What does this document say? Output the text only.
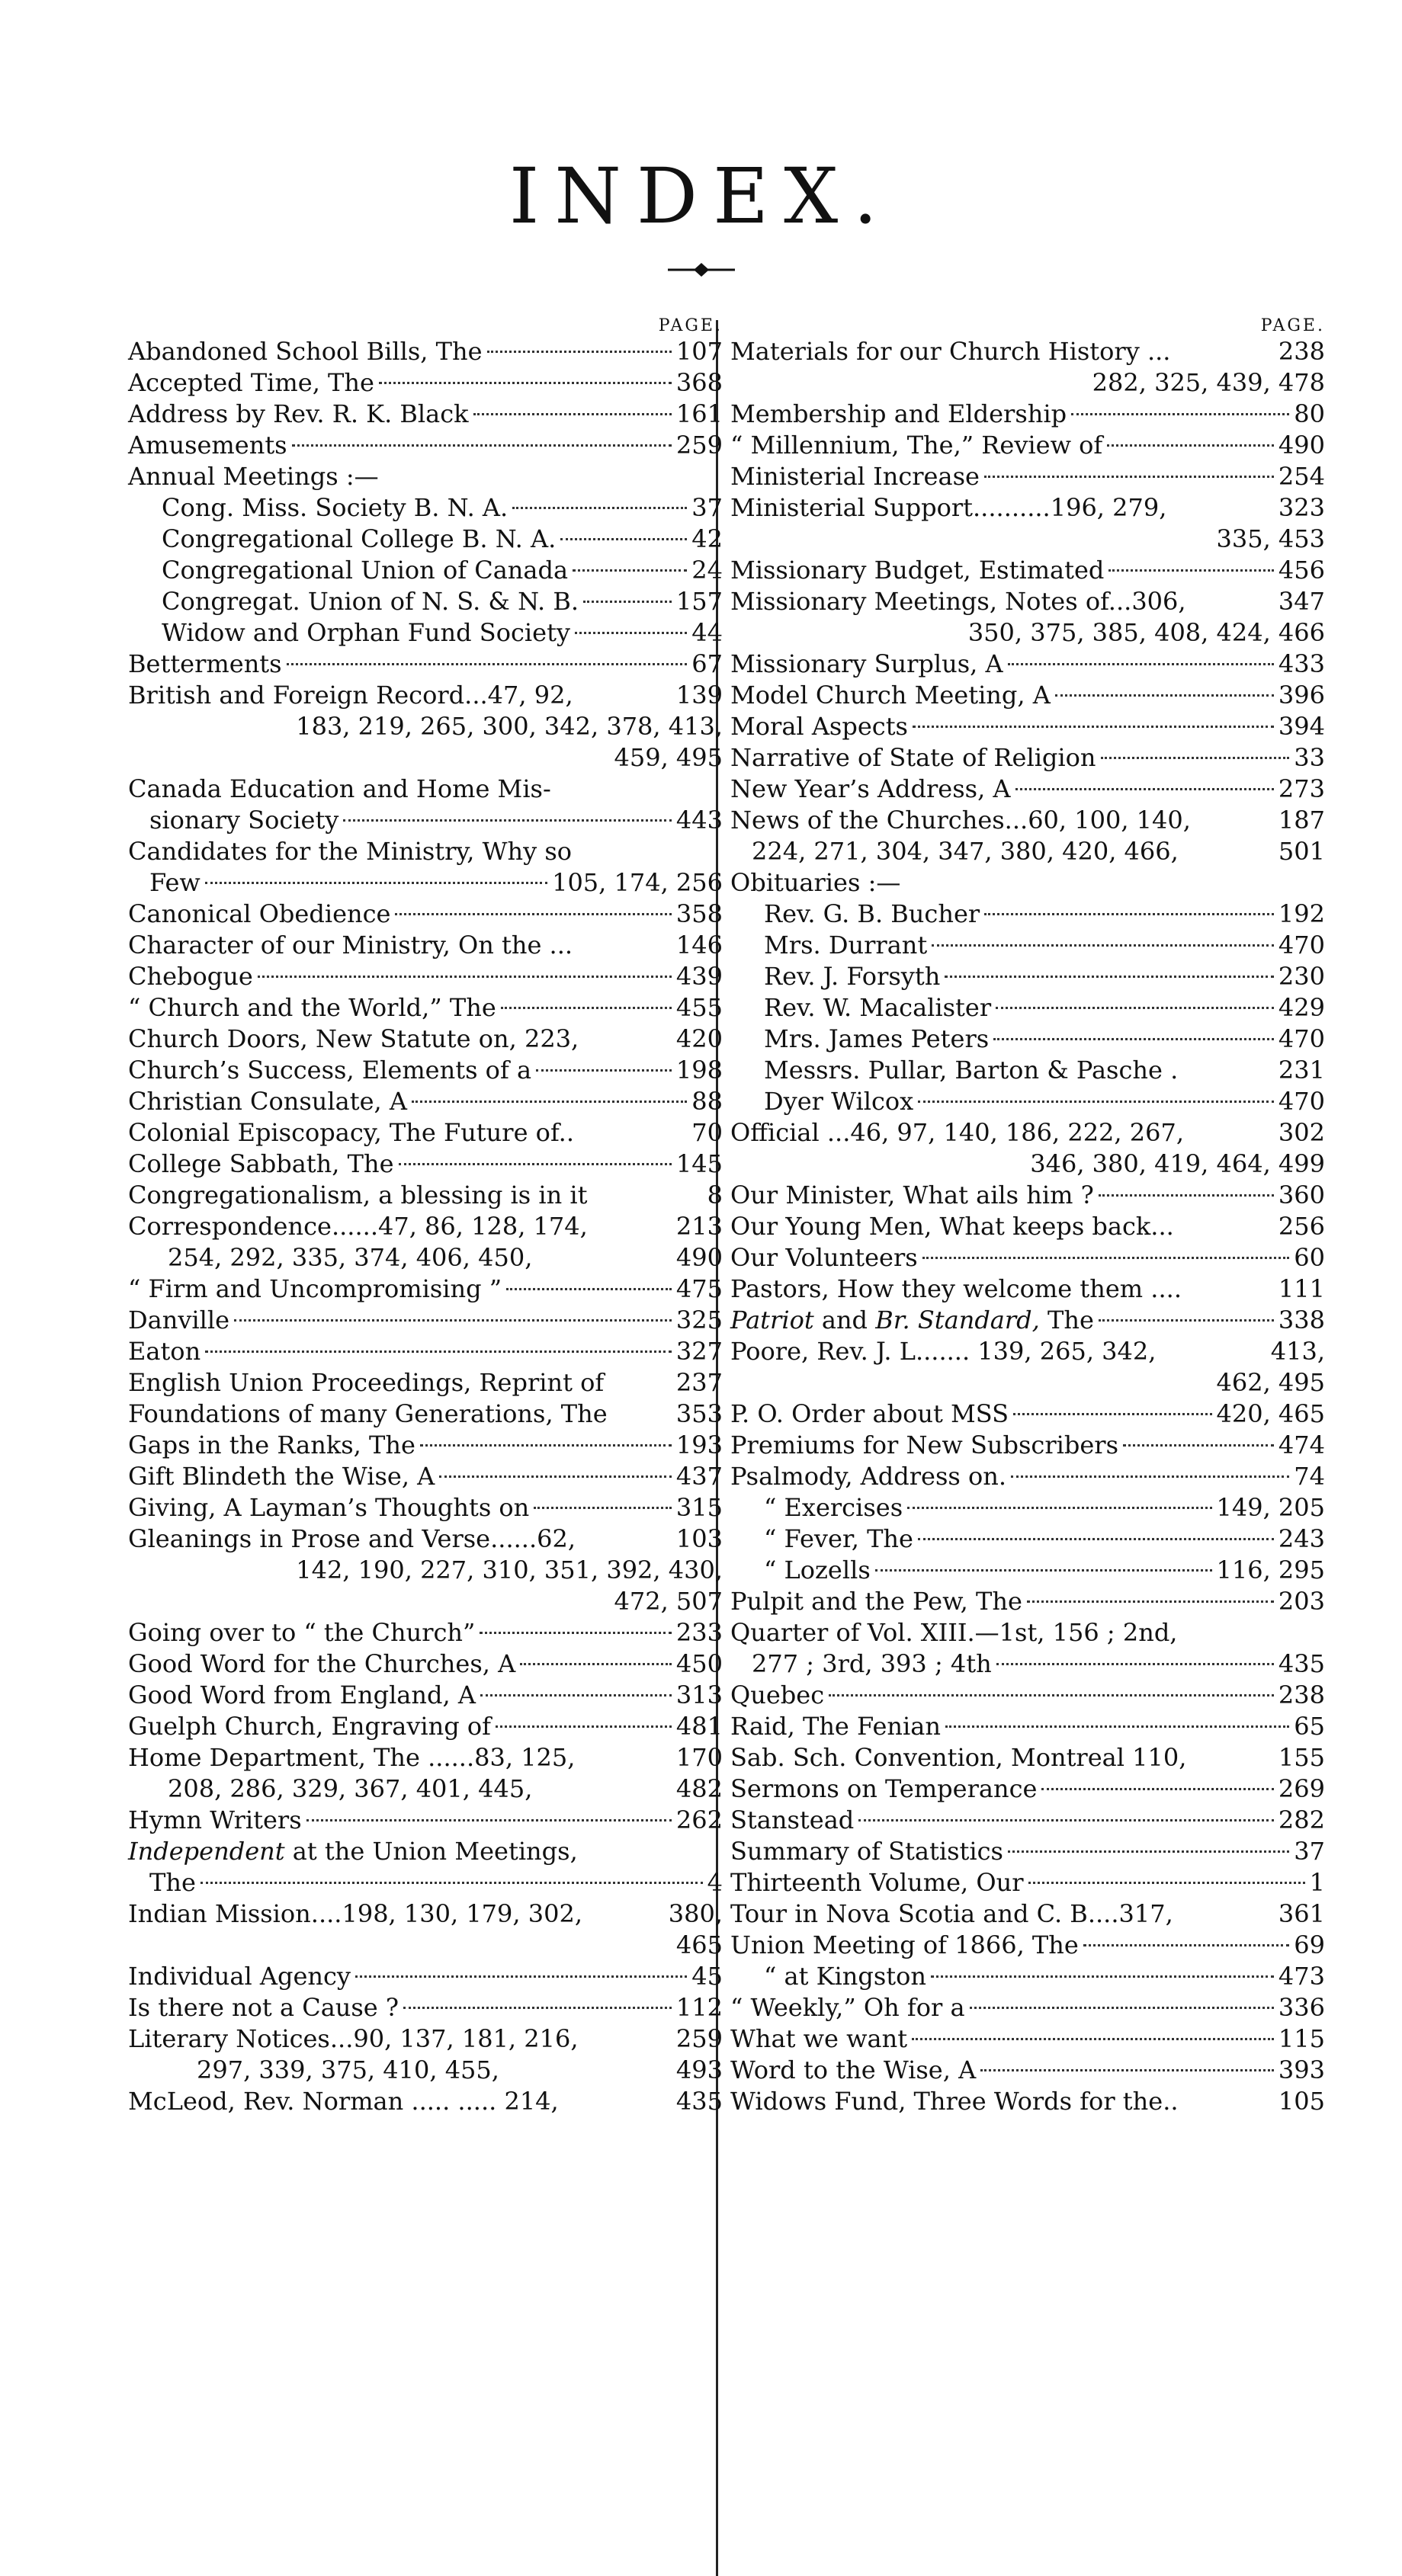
INDEX.
PAGE.
Abandoned School Bills, The	107
Accepted Time, The	368
Address by Rev. R. K. Black	161
Amusements	259
Annual Meetings :—
Cong. Miss. Society B. N. A.	37
Congregational College B. N. A.	42
Congregational Union of Canada	24
Congregat. Union of N. S. & N. B.	157
Widow and Orphan Fund Society	44
Betterments	67
British and Foreign Record...47, 92,	139
183, 219, 265, 300, 342, 378, 413,
459, 495
Canada Education and Home Mis-
sionary Society	443
Candidates for the Ministry, Why so
Few	105, 174, 256
Canonical Obedience	358
Character of our Ministry, On the ...	146
Chebogue	439
“ Church and the World,” The	455
Church Doors, New Statute on, 223,	420
Church’s Success, Elements of a	198
Christian Consulate, A	88
Colonial Episcopacy, The Future of..	70
College Sabbath, The	145
Congregationalism, a blessing is in it	8
Correspondence......47, 86, 128, 174,	213
254, 292, 335, 374, 406, 450,	490
“ Firm and Uncompromising ”	475
Danville	325
Eaton	327
English Union Proceedings, Reprint of	237
Foundations of many Generations, The	353
Gaps in the Ranks, The	193
Gift Blindeth the Wise, A	437
Giving, A Layman’s Thoughts on	315
Gleanings in Prose and Verse......62,	103
142, 190, 227, 310, 351, 392, 430,
472, 507
Going over to “ the Church”	233
Good Word for the Churches, A	450
Good Word from England, A	313
Guelph Church, Engraving of	481
Home Department, The ......83, 125,	170
208, 286, 329, 367, 401, 445,	482
Hymn Writers	262
Independent at the Union Meetings,
The	4
Indian Mission....198, 130, 179, 302,	380,
465
Individual Agency	45
Is there not a Cause ?	112
Literary Notices...90, 137, 181, 216,	259
297, 339, 375, 410, 455,	493
McLeod, Rev. Norman ..... ..... 214,	435
PAGE.
Materials for our Church History ...	238
282, 325, 439, 478
Membership and Eldership	80
“ Millennium, The,” Review of	490
Ministerial Increase	254
Ministerial Support..........196, 279,	323
335, 453
Missionary Budget, Estimated	456
Missionary Meetings, Notes of...306,	347
350, 375, 385, 408, 424, 466
Missionary Surplus, A	433
Model Church Meeting, A	396
Moral Aspects	394
Narrative of State of Religion	33
New Year’s Address, A	273
News of the Churches...60, 100, 140,	187
224, 271, 304, 347, 380, 420, 466,	501
Obituaries :—
Rev. G. B. Bucher	192
Mrs. Durrant	470
Rev. J. Forsyth	230
Rev. W. Macalister	429
Mrs. James Peters	470
Messrs. Pullar, Barton & Pasche .	231
Dyer Wilcox	470
Official ...46, 97, 140, 186, 222, 267,	302
346, 380, 419, 464, 499
Our Minister, What ails him ?	360
Our Young Men, What keeps back...	256
Our Volunteers	60
Pastors, How they welcome them ....	111
Patriot and Br. Standard, The	338
Poore, Rev. J. L....... 139, 265, 342,	413,
462, 495
P. O. Order about MSS	420, 465
Premiums for New Subscribers	474
Psalmody, Address on.	74
“ Exercises	149, 205
“ Fever, The	243
“ Lozells	116, 295
Pulpit and the Pew, The	203
Quarter of Vol. XIII.—1st, 156 ; 2nd,
277 ; 3rd, 393 ; 4th	435
Quebec	238
Raid, The Fenian	65
Sab. Sch. Convention, Montreal 110,	155
Sermons on Temperance	269
Stanstead	282
Summary of Statistics	37
Thirteenth Volume, Our	1
Tour in Nova Scotia and C. B....317,	361
Union Meeting of 1866, The	69
“ at Kingston	473
“ Weekly,” Oh for a	336
What we want	115
Word to the Wise, A	393
Widows Fund, Three Words for the..	105
